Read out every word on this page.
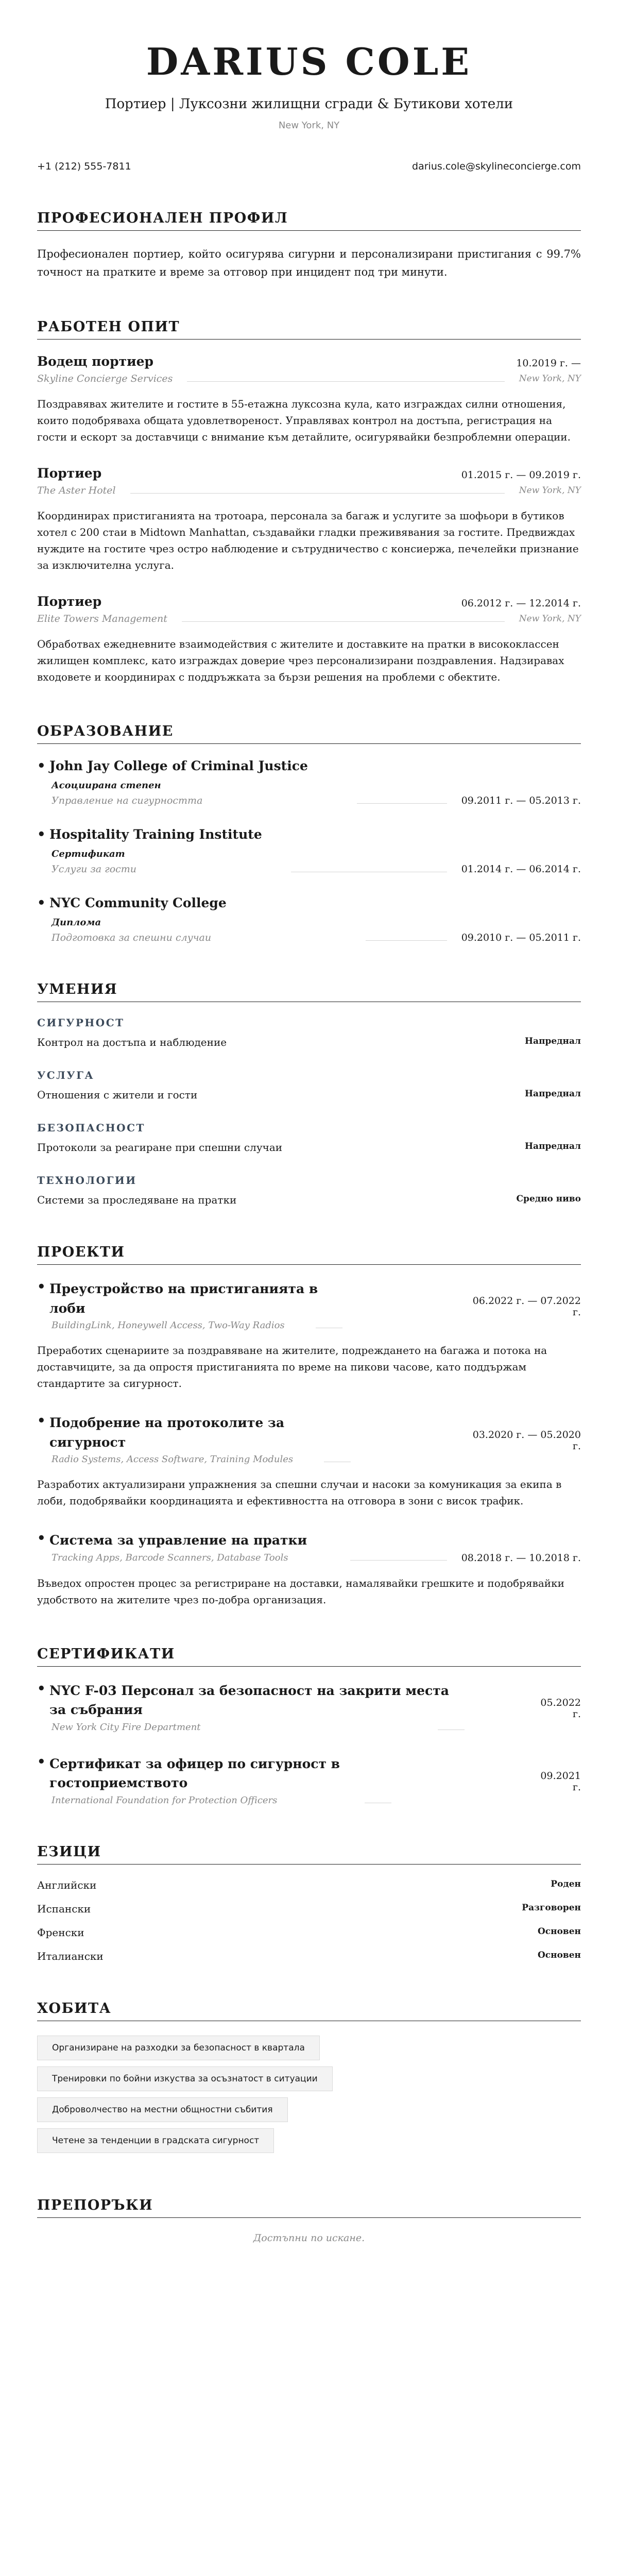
DARIUS COLE
Портиер | Луксозни жилищни сгради & Бутикови хотели
New York, NY
+1 (212) 555-7811	darius.cole@skylineconcierge.com
ПРОФЕСИОНАЛЕН ПРОФИЛ
Професионален портиер, който осигурява сигурни и персонализирани пристигания с 99.7% точност на пратките и време за отговор при инцидент под три минути.
РАБОТЕН ОПИТ
Водещ портиер	10.2019 г. —
Skyline Concierge Services	New York, NY
Поздравявах жителите и гостите в 55-етажна луксозна кула, като изграждах силни отношения, които подобряваха общата удовлетвореност. Управлявах контрол на достъпа, регистрация на гости и ескорт за доставчици с внимание към детайлите, осигурявайки безпроблемни операции.
Портиер	01.2015 г. — 09.2019 г.
The Aster Hotel	New York, NY
Координирах пристиганията на тротоара, персонала за багаж и услугите за шофьори в бутиков хотел с 200 стаи в Midtown Manhattan, създавайки гладки преживявания за гостите. Предвиждах нуждите на гостите чрез остро наблюдение и сътрудничество с консиержа, печелейки признание за изключителна услуга.
Портиер	06.2012 г. — 12.2014 г.
Elite Towers Management	New York, NY
Обработвах ежедневните взаимодействия с жителите и доставките на пратки в висококлассен жилищен комплекс, като изграждах доверие чрез персонализирани поздравления. Надзиравах входовете и координирах с поддръжката за бързи решения на проблеми с обектите.
ОБРАЗОВАНИЕ
• John Jay College of Criminal Justice
Асоциирана степен
Управление на сигурността	09.2011 г. — 05.2013 г.
• Hospitality Training Institute
Сертификат
Услуги за гости	01.2014 г. — 06.2014 г.
• NYC Community College
Диплома
Подготовка за спешни случаи	09.2010 г. — 05.2011 г.
УМЕНИЯ
СИГУРНОСТ
Контрол на достъпа и наблюдение	Напреднал
УСЛУГА
Отношения с жители и гости	Напреднал
БЕЗОПАСНОСТ
Протоколи за реагиране при спешни случаи	Напреднал
ТЕХНОЛОГИИ
Системи за проследяване на пратки	Средно ниво
ПРОЕКТИ
• Преустройство на пристиганията в лоби	06.2022 г. — 07.2022 г.
BuildingLink, Honeywell Access, Two-Way Radios
Преработих сценариите за поздравяване на жителите, подреждането на багажа и потока на доставчиците, за да опростя пристиганията по време на пикови часове, като поддържам стандартите за сигурност.
• Подобрение на протоколите за сигурност	03.2020 г. — 05.2020 г.
Radio Systems, Access Software, Training Modules
Разработих актуализирани упражнения за спешни случаи и насоки за комуникация за екипа в лоби, подобрявайки координацията и ефективността на отговора в зони с висок трафик.
• Система за управление на пратки
Tracking Apps, Barcode Scanners, Database Tools	08.2018 г. — 10.2018 г.
Въведох опростен процес за регистриране на доставки, намалявайки грешките и подобрявайки удобството на жителите чрез по-добра организация.
СЕРТИФИКАТИ
• NYC F-03 Персонал за безопасност на закрити места за събрания	05.2022 г.
New York City Fire Department
• Сертификат за офицер по сигурност в гостоприемството	09.2021 г.
International Foundation for Protection Officers
ЕЗИЦИ
Английски	Роден
Испански	Разговорен
Френски	Основен
Италиански	Основен
ХОБИТА
Организиране на разходки за безопасност в квартала
Тренировки по бойни изкуства за осъзнатост в ситуации
Доброволчество на местни общностни събития
Четене за тенденции в градската сигурност
ПРЕПОРЪКИ
Достъпни по искане.
